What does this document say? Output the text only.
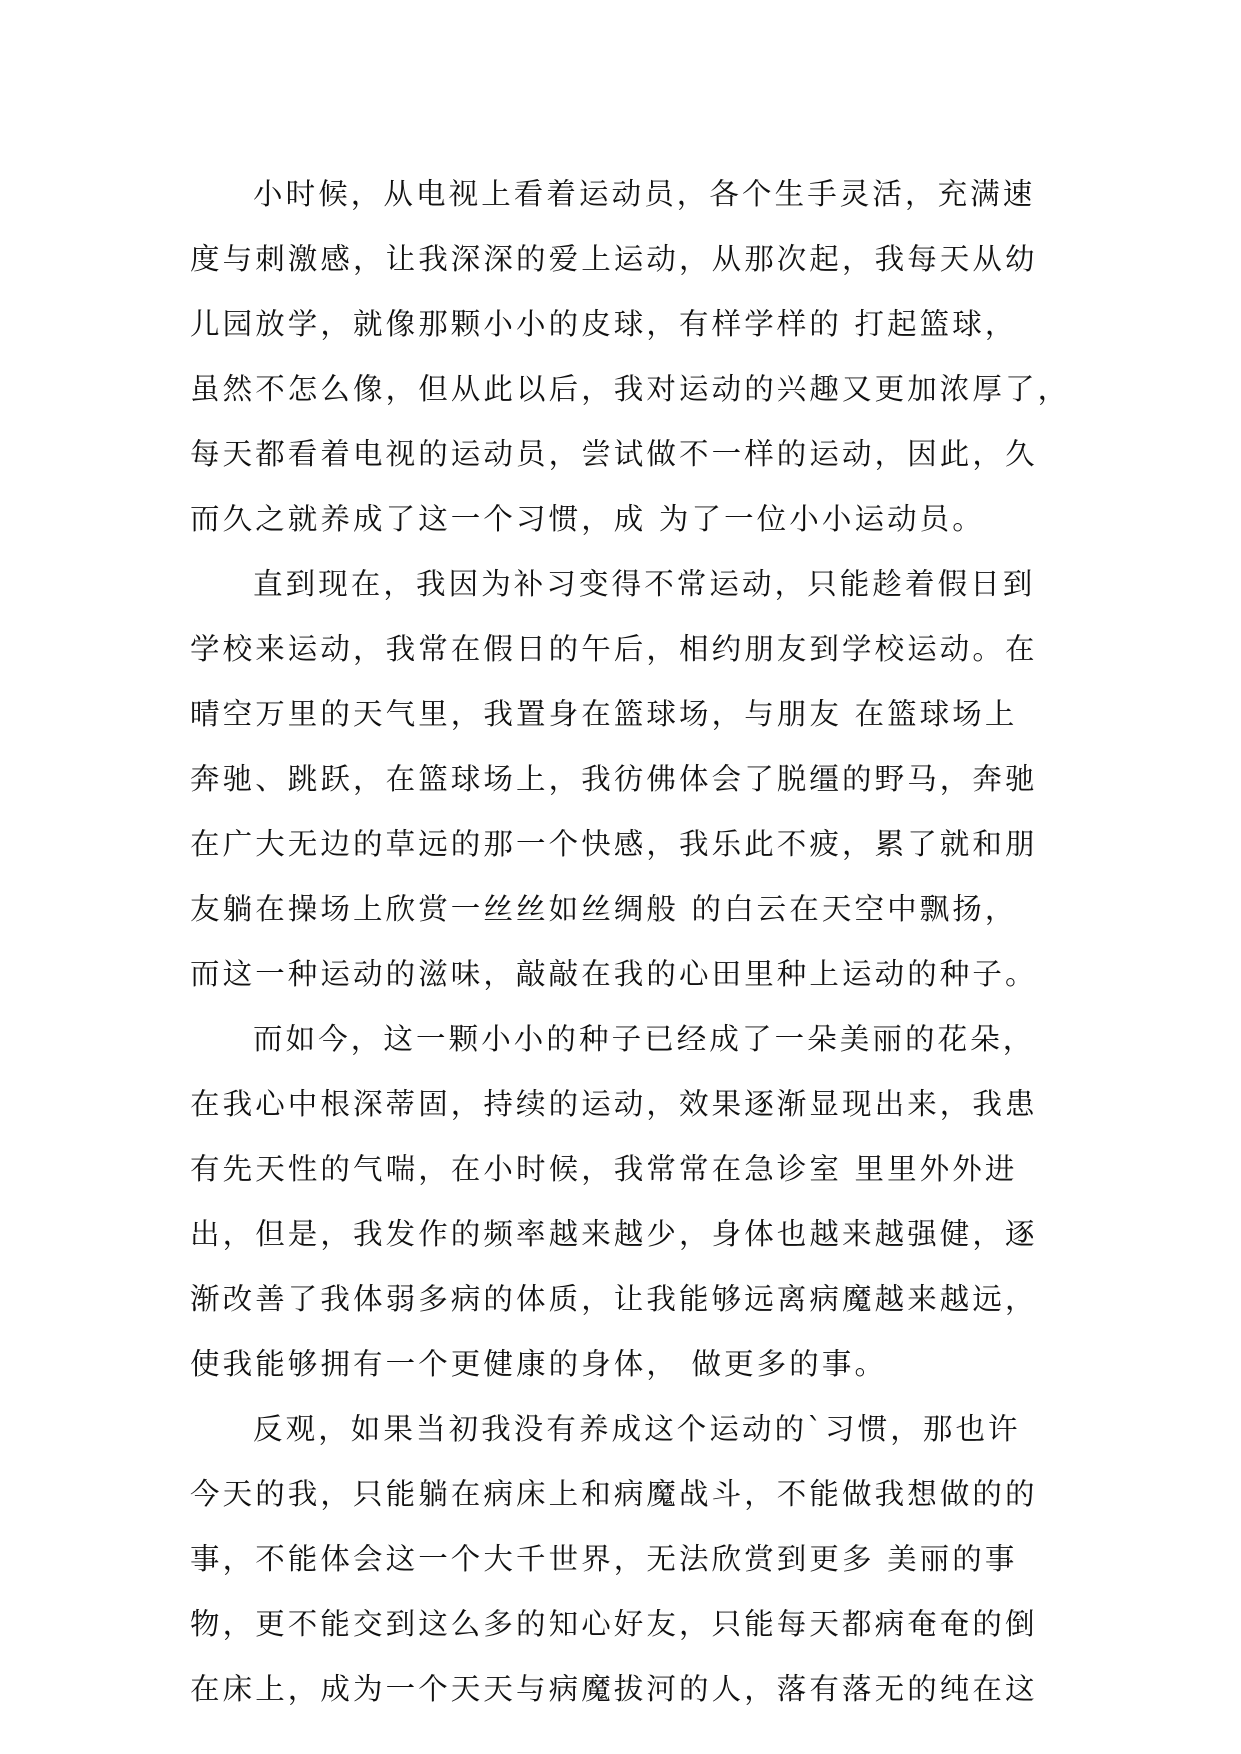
小时候，从电视上看着运动员，各个生手灵活，充满速
度与刺激感，让我深深的爱上运动，从那次起，我每天从幼
儿园放学，就像那颗小小的皮球，有样学样的 打起篮球，
虽然不怎么像，但从此以后，我对运动的兴趣又更加浓厚了，
每天都看着电视的运动员，尝试做不一样的运动，因此，久
而久之就养成了这一个习惯，成 为了一位小小运动员。
直到现在，我因为补习变得不常运动，只能趁着假日到
学校来运动，我常在假日的午后，相约朋友到学校运动。在
晴空万里的天气里，我置身在篮球场，与朋友 在篮球场上
奔驰、跳跃，在篮球场上，我彷佛体会了脱缰的野马，奔驰
在广大无边的草远的那一个快感，我乐此不疲，累了就和朋
友躺在操场上欣赏一丝丝如丝绸般 的白云在天空中飘扬，
而这一种运动的滋味，敲敲在我的心田里种上运动的种子。
而如今，这一颗小小的种子已经成了一朵美丽的花朵，
在我心中根深蒂固，持续的运动，效果逐渐显现出来，我患
有先天性的气喘，在小时候，我常常在急诊室 里里外外进
出，但是，我发作的频率越来越少，身体也越来越强健，逐
渐改善了我体弱多病的体质，让我能够远离病魔越来越远，
使我能够拥有一个更健康的身体， 做更多的事。
反观，如果当初我没有养成这个运动的`习惯，那也许
今天的我，只能躺在病床上和病魔战斗，不能做我想做的的
事，不能体会这一个大千世界，无法欣赏到更多 美丽的事
物，更不能交到这么多的知心好友，只能每天都病奄奄的倒
在床上，成为一个天天与病魔拔河的人，落有落无的纯在这
